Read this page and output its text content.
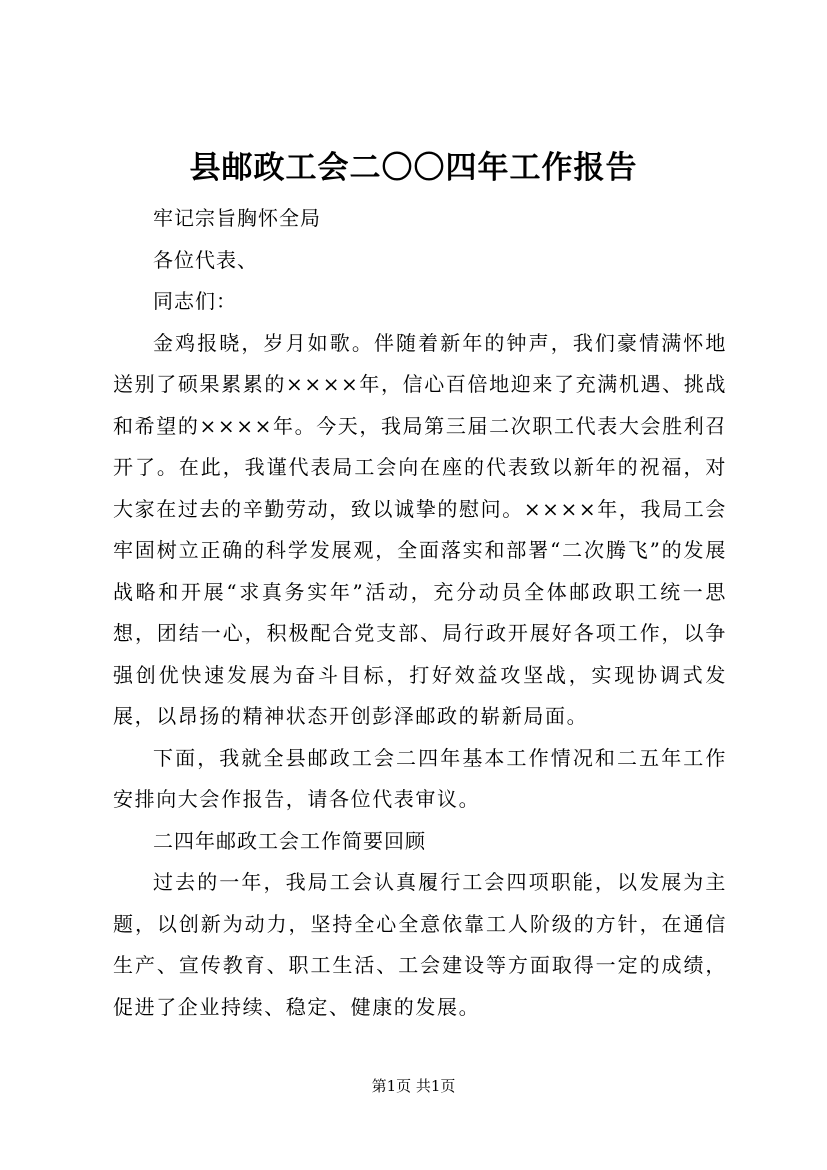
县邮政工会二〇〇四年工作报告

牢记宗旨胸怀全局

各位代表、

同志们：

金鸡报晓，岁月如歌。伴随着新年的钟声，我们豪情满怀地送别了硕果累累的××××年，信心百倍地迎来了充满机遇、挑战和希望的××××年。今天，我局第三届二次职工代表大会胜利召开了。在此，我谨代表局工会向在座的代表致以新年的祝福，对大家在过去的辛勤劳动，致以诚挚的慰问。××××年，我局工会牢固树立正确的科学发展观，全面落实和部署“二次腾飞”的发展战略和开展“求真务实年”活动，充分动员全体邮政职工统一思想，团结一心，积极配合党支部、局行政开展好各项工作，以争强创优快速发展为奋斗目标，打好效益攻坚战，实现协调式发展，以昂扬的精神状态开创彭泽邮政的崭新局面。

下面，我就全县邮政工会二四年基本工作情况和二五年工作安排向大会作报告，请各位代表审议。

二四年邮政工会工作简要回顾

过去的一年，我局工会认真履行工会四项职能，以发展为主题，以创新为动力，坚持全心全意依靠工人阶级的方针，在通信生产、宣传教育、职工生活、工会建设等方面取得一定的成绩，促进了企业持续、稳定、健康的发展。

第1页 共1页
